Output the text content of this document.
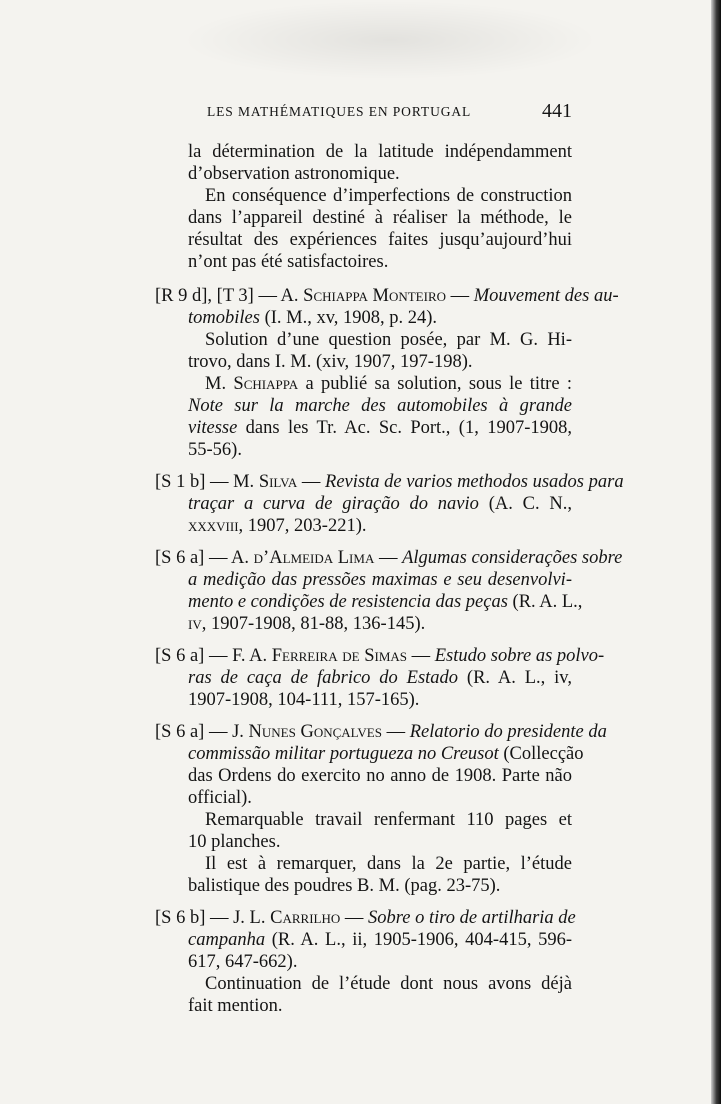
LES MATHÉMATIQUES EN PORTUGAL	441
la détermination de la latitude indépendamment
d’observation astronomique.
En conséquence d’imperfections de construction
dans l’appareil destiné à réaliser la méthode, le
résultat des expériences faites jusqu’aujourd’hui
n’ont pas été satisfactoires.
[R 9 d], [T 3] — A. Schiappa Monteiro — Mouvement des au-
tomobiles (I. M., xv, 1908, p. 24).
Solution d’une question posée, par M. G. Hi-
trovo, dans I. M. (xiv, 1907, 197-198).
M. Schiappa a publié sa solution, sous le titre :
Note sur la marche des automobiles à grande
vitesse dans les Tr. Ac. Sc. Port., (1, 1907-1908,
55-56).
[S 1 b] — M. Silva — Revista de varios methodos usados para
traçar a curva de giração do navio (A. C. N.,
xxxviii, 1907, 203-221).
[S 6 a] — A. d’Almeida Lima — Algumas considerações sobre
a medição das pressões maximas e seu desenvolvi-
mento e condições de resistencia das peças (R. A. L.,
iv, 1907-1908, 81-88, 136-145).
[S 6 a] — F. A. Ferreira de Simas — Estudo sobre as polvo-
ras de caça de fabrico do Estado (R. A. L., iv,
1907-1908, 104-111, 157-165).
[S 6 a] — J. Nunes Gonçalves — Relatorio do presidente da
commissão militar portugueza no Creusot (Collecção
das Ordens do exercito no anno de 1908. Parte não
official).
Remarquable travail renfermant 110 pages et
10 planches.
Il est à remarquer, dans la 2e partie, l’étude
balistique des poudres B. M. (pag. 23-75).
[S 6 b] — J. L. Carrilho — Sobre o tiro de artilharia de
campanha (R. A. L., ii, 1905-1906, 404-415, 596-
617, 647-662).
Continuation de l’étude dont nous avons déjà
fait mention.
